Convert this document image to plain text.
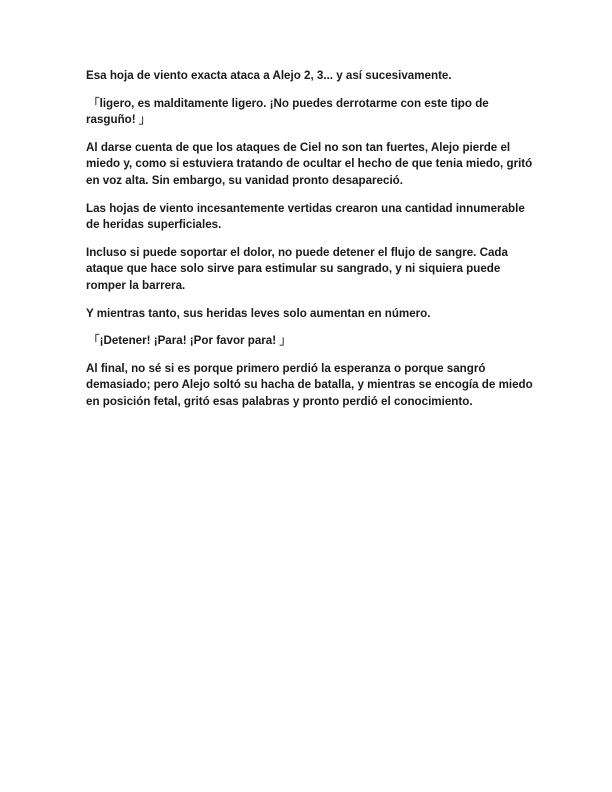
Esa hoja de viento exacta ataca a Alejo 2, 3... y así sucesivamente.

「ligero, es malditamente ligero. ¡No puedes derrotarme con este tipo de rasguño! 」

Al darse cuenta de que los ataques de Ciel no son tan fuertes, Alejo pierde el miedo y, como si estuviera tratando de ocultar el hecho de que tenia miedo, gritó en voz alta. Sin embargo, su vanidad pronto desapareció.

Las hojas de viento incesantemente vertidas crearon una cantidad innumerable de heridas superficiales.

Incluso si puede soportar el dolor, no puede detener el flujo de sangre. Cada ataque que hace solo sirve para estimular su sangrado, y ni siquiera puede romper la barrera.

Y mientras tanto, sus heridas leves solo aumentan en número.

「¡Detener! ¡Para! ¡Por favor para! 」

Al final, no sé si es porque primero perdió la esperanza o porque sangró demasiado; pero Alejo soltó su hacha de batalla, y mientras se encogía de miedo en posición fetal, gritó esas palabras y pronto perdió el conocimiento.
